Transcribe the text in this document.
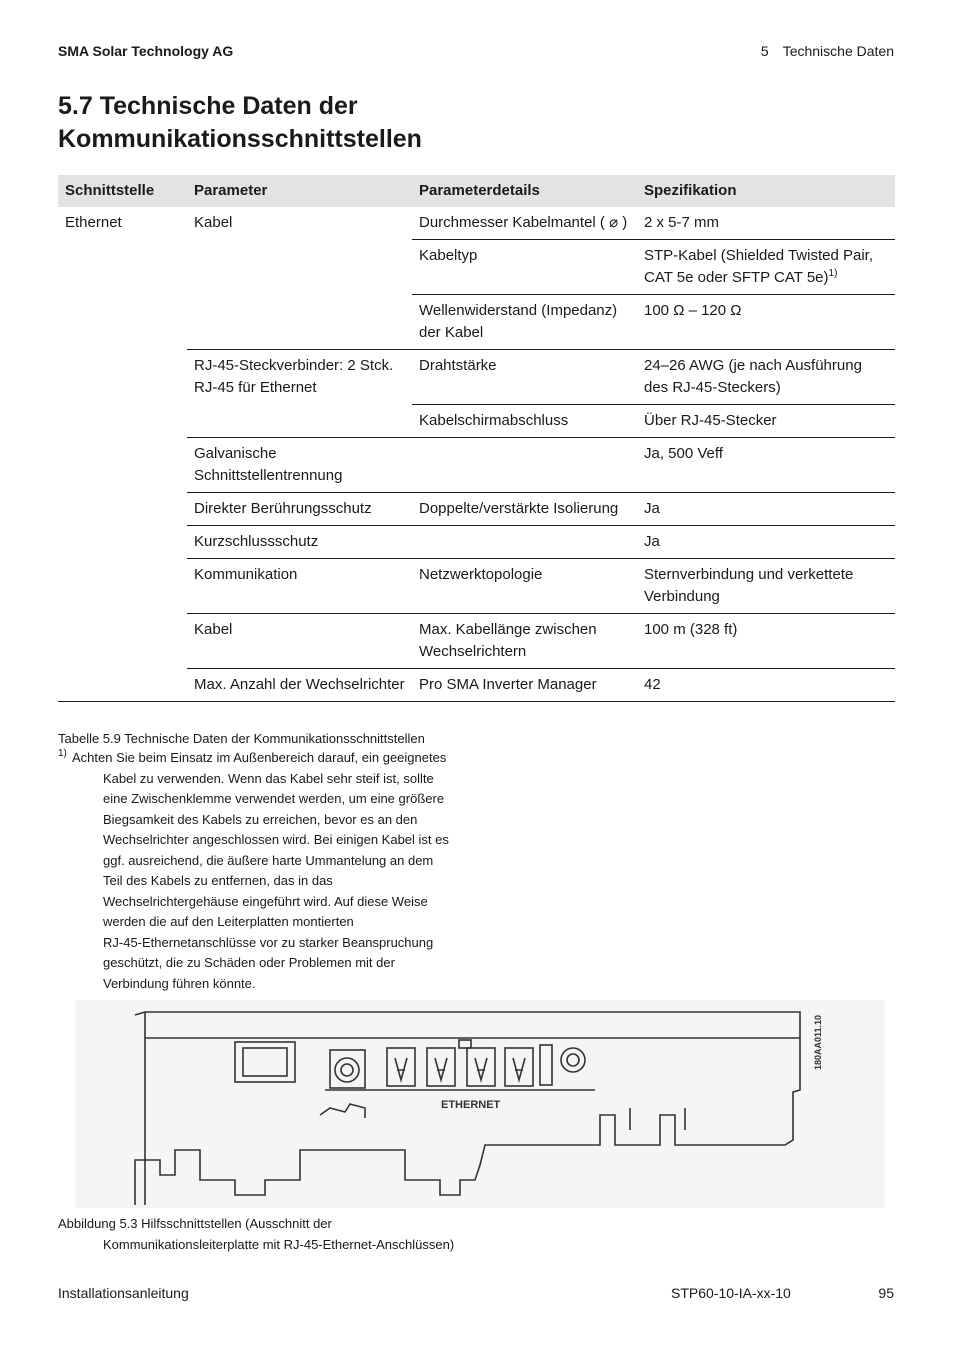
SMA Solar Technology AG	5 Technische Daten
5.7 Technische Daten der
Kommunikationsschnittstellen
Schnittstelle	Parameter	Parameterdetails	Spezifikation
Ethernet	Kabel	Durchmesser Kabelmantel ( ⌀ )	2 x 5-7 mm
		Kabeltyp	STP-Kabel (Shielded Twisted Pair, CAT 5e oder SFTP CAT 5e)$^{1)}$
		Wellenwiderstand (Impedanz) der Kabel	100 Ω – 120 Ω
	RJ-45-Steckverbinder: 2 Stck. RJ-45 für Ethernet	Drahtstärke	24–26 AWG (je nach Ausführung des RJ-45-Steckers)
		Kabelschirmabschluss	Über RJ-45-Stecker
	Galvanische Schnittstellentrennung		Ja, 500 Veff
	Direkter Berührungsschutz	Doppelte/verstärkte Isolierung	Ja
	Kurzschlussschutz		Ja
	Kommunikation	Netzwerktopologie	Sternverbindung und verkettete Verbindung
	Kabel	Max. Kabellänge zwischen Wechselrichtern	100 m (328 ft)
	Max. Anzahl der Wechselrichter	Pro SMA Inverter Manager	42
Tabelle 5.9 Technische Daten der Kommunikationsschnittstellen
1) Achten Sie beim Einsatz im Außenbereich darauf, ein geeignetes
Kabel zu verwenden. Wenn das Kabel sehr steif ist, sollte
eine Zwischenklemme verwendet werden, um eine größere
Biegsamkeit des Kabels zu erreichen, bevor es an den
Wechselrichter angeschlossen wird. Bei einigen Kabel ist es
ggf. ausreichend, die äußere harte Ummantelung an dem
Teil des Kabels zu entfernen, das in das
Wechselrichtergehäuse eingeführt wird. Auf diese Weise
werden die auf den Leiterplatten montierten
RJ-45-Ethernetanschlüsse vor zu starker Beanspruchung
geschützt, die zu Schäden oder Problemen mit der
Verbindung führen könnte.
ETHERNET
180AA011.10
Abbildung 5.3 Hilfsschnittstellen (Ausschnitt der
Kommunikationsleiterplatte mit RJ-45-Ethernet-Anschlüssen)
Installationsanleitung	STP60-10-IA-xx-10	95
